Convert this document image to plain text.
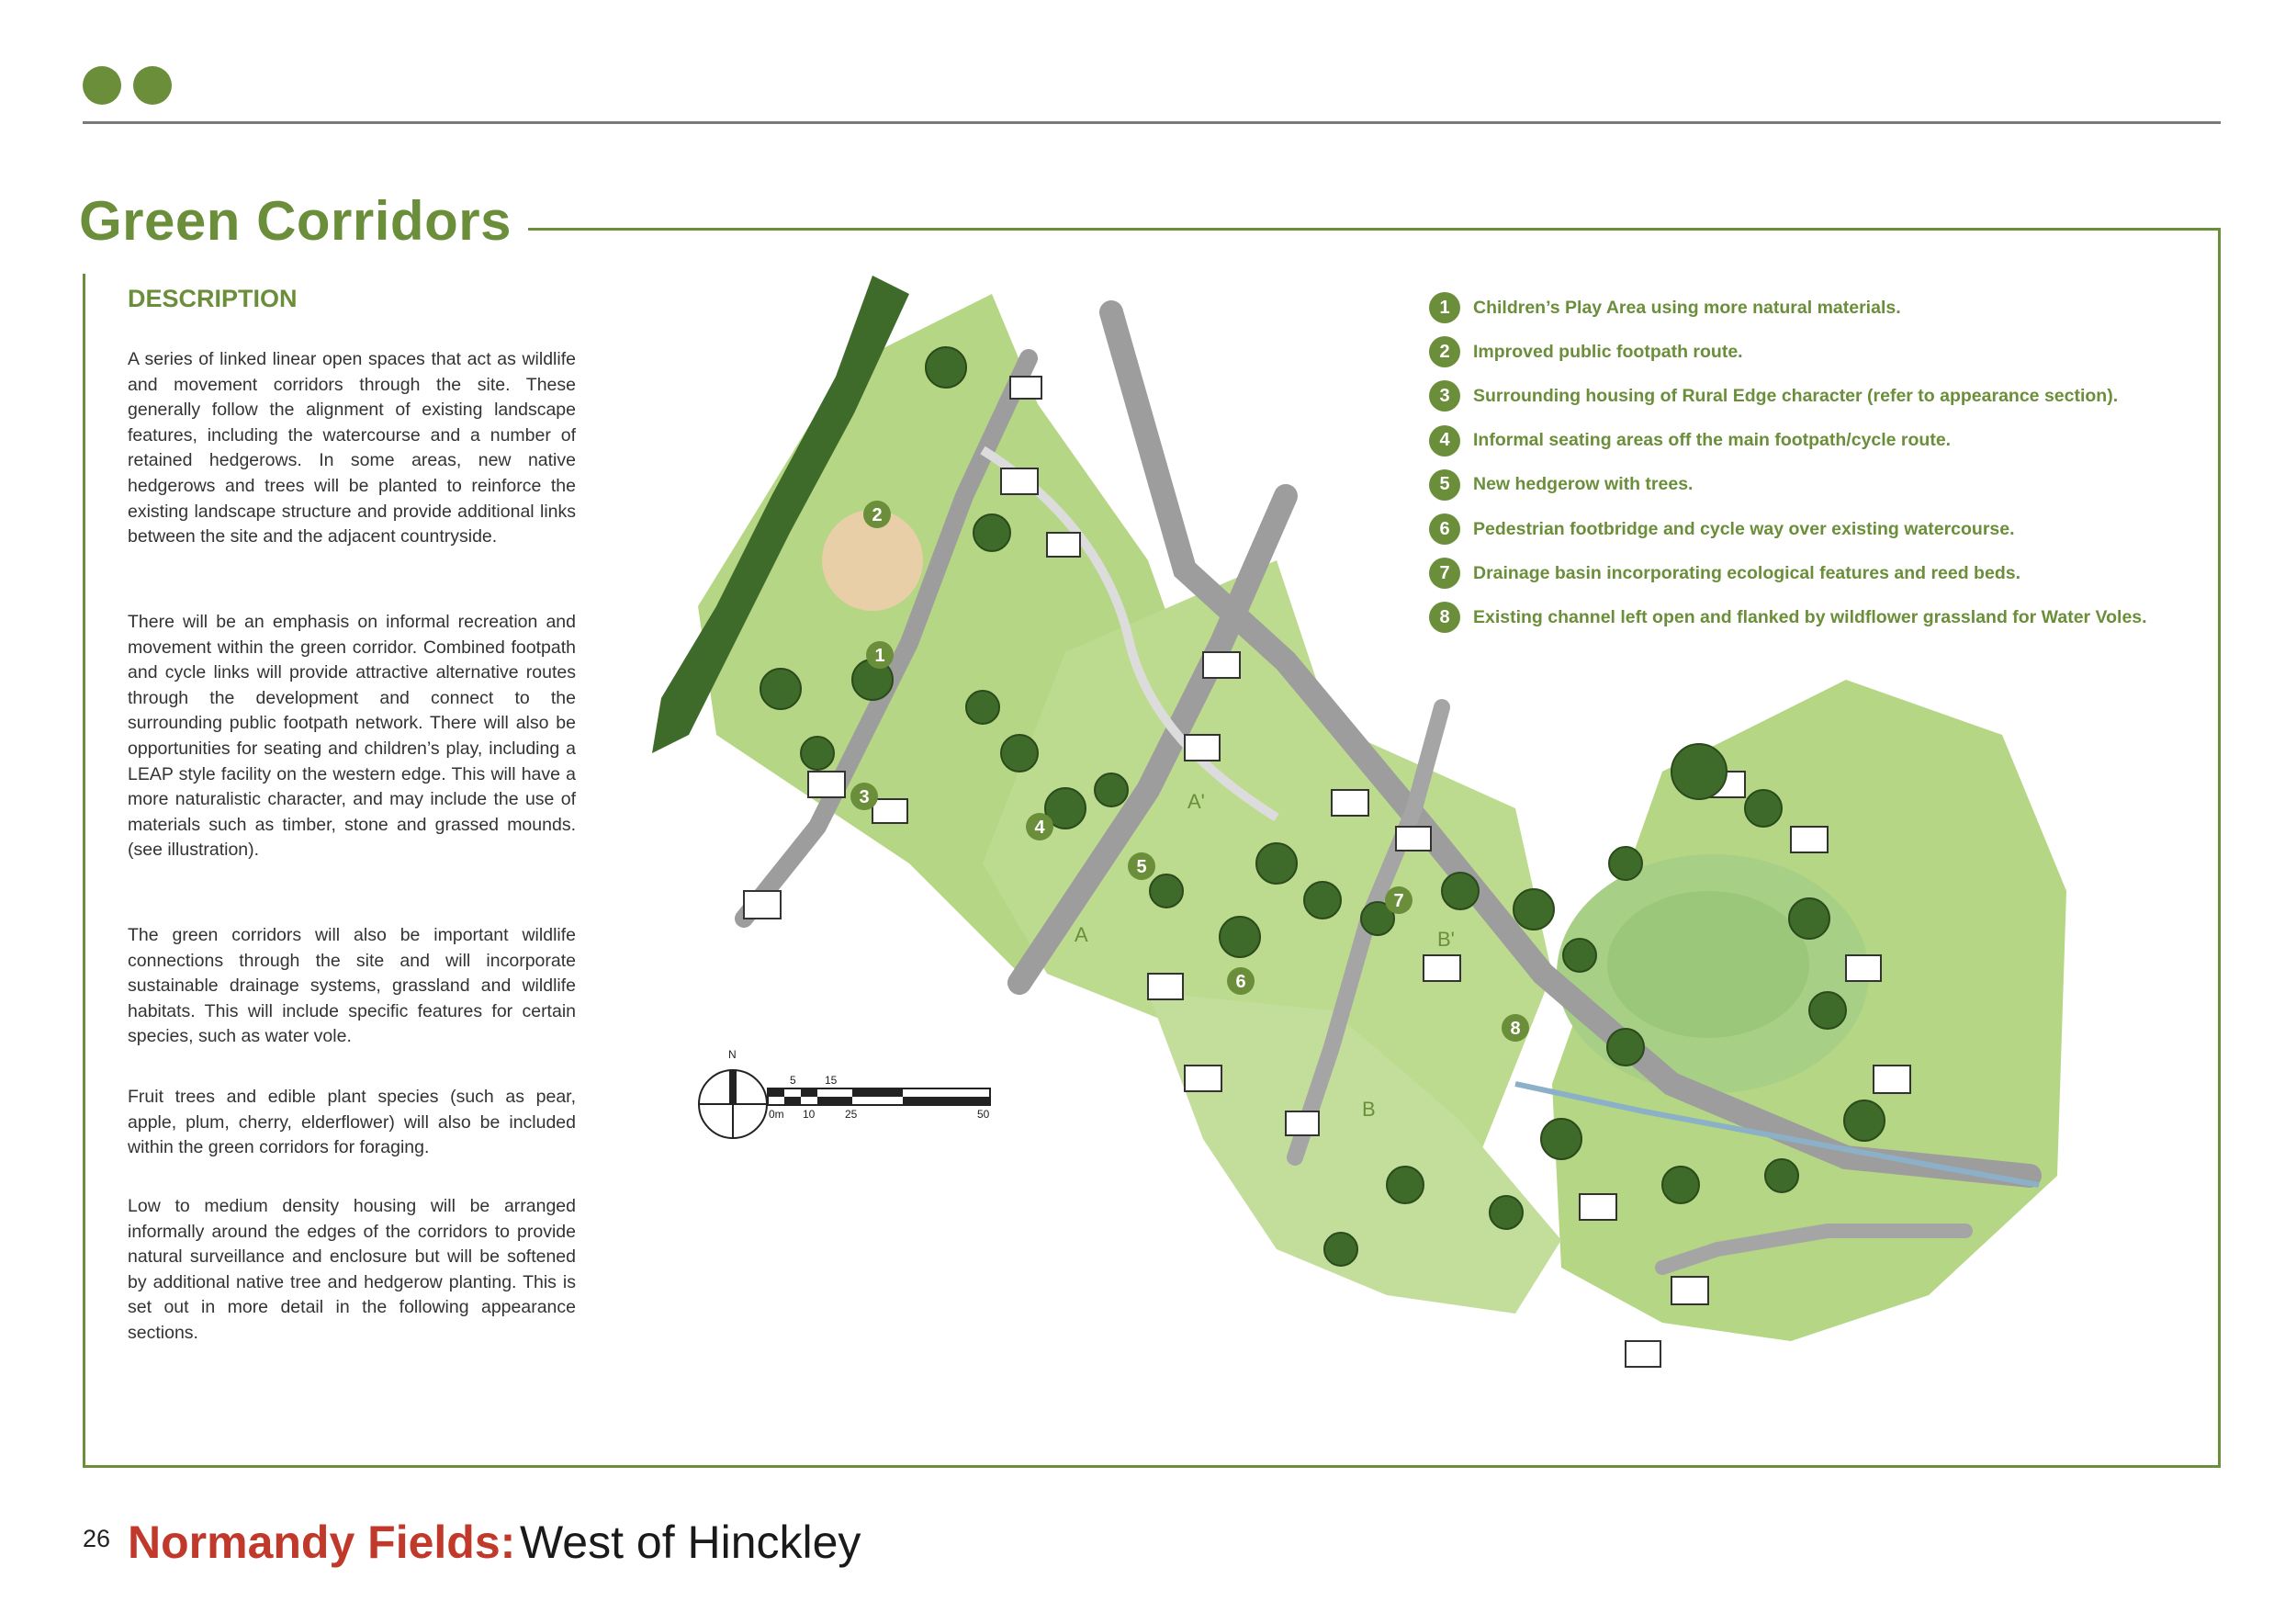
Green Corridors
DESCRIPTION

A series of linked linear open spaces that act as wildlife and movement corridors through the site. These generally follow the alignment of existing landscape features, including the watercourse and a number of retained hedgerows. In some areas, new native hedgerows and trees will be planted to reinforce the existing landscape structure and provide additional links between the site and the adjacent countryside.

There will be an emphasis on informal recreation and movement within the green corridor. Combined footpath and cycle links will provide attractive alternative routes through the development and connect to the surrounding public footpath network. There will also be opportunities for seating and children’s play, including a LEAP style facility on the western edge. This will have a more naturalistic character, and may include the use of materials such as timber, stone and grassed mounds. (see illustration).

The green corridors will also be important wildlife connections through the site and will incorporate sustainable drainage systems, grassland and wildlife habitats. This will include specific features for certain species, such as water vole.

Fruit trees and edible plant species (such as pear, apple, plum, cherry, elderflower) will also be included within the green corridors for foraging.

Low to medium density housing will be arranged informally around the edges of the corridors to provide natural surveillance and enclosure but will be softened by additional native tree and hedgerow planting. This is set out in more detail in the following appearance sections.

1
2
3
4
5
6
7
8
A'
A	B'
B
N
5	15
0m 10	25	50
1	Children’s Play Area using more natural materials.
2	Improved public footpath route.
3	Surrounding housing of Rural Edge character (refer to appearance section).
4	Informal seating areas off the main footpath/cycle route.
5	New hedgerow with trees.
6	Pedestrian footbridge and cycle way over existing watercourse.
7	Drainage basin incorporating ecological features and reed beds.
8	Existing channel left open and flanked by wildflower grassland for Water Voles.
26 Normandy Fields: West of Hinckley
